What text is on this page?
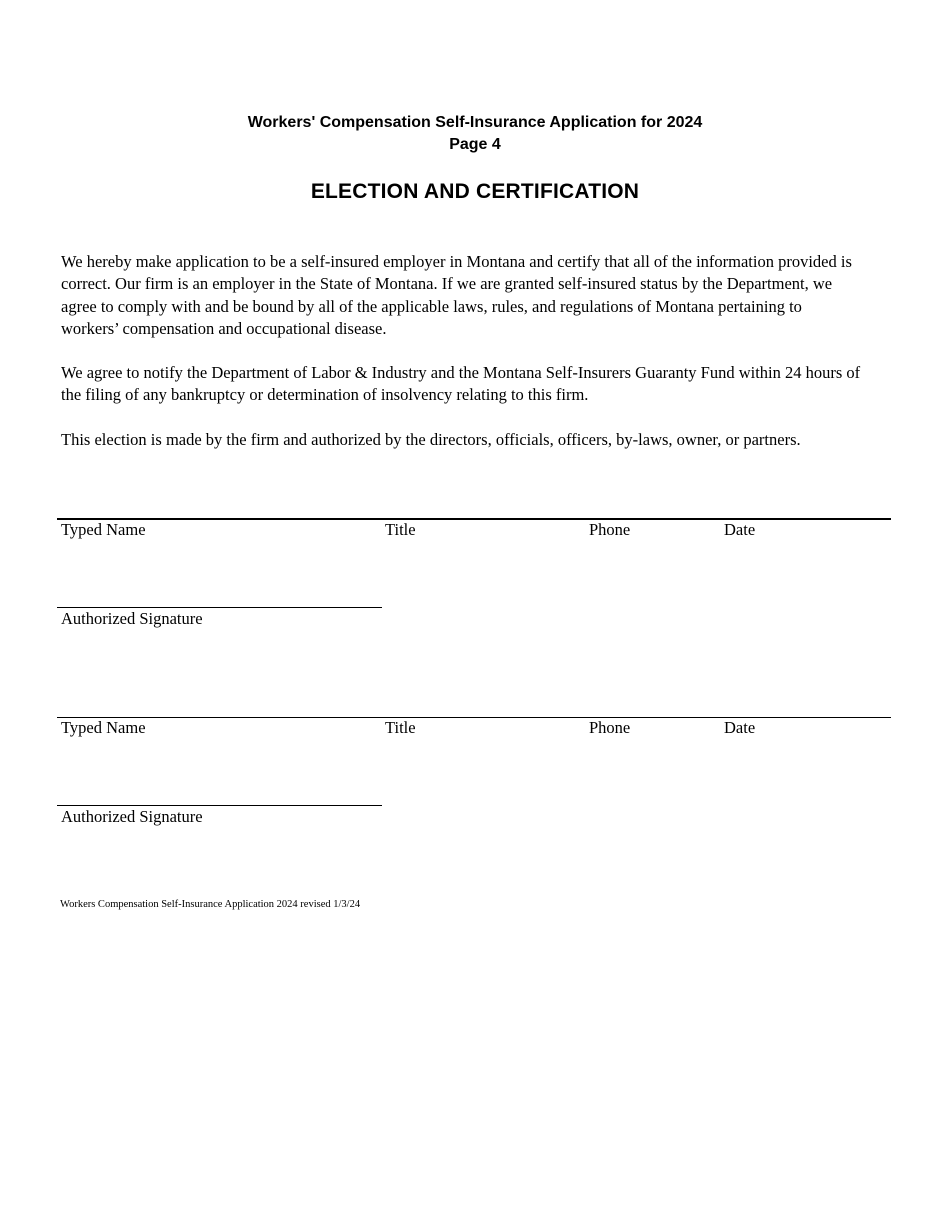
Workers' Compensation Self-Insurance Application for 2024
Page 4
ELECTION AND CERTIFICATION

We hereby make application to be a self-insured employer in Montana and certify that all of the information provided is correct. Our firm is an employer in the State of Montana. If we are granted self-insured status by the Department, we agree to comply with and be bound by all of the applicable laws, rules, and regulations of Montana pertaining to workers’ compensation and occupational disease.

We agree to notify the Department of Labor & Industry and the Montana Self-Insurers Guaranty Fund within 24 hours of the filing of any bankruptcy or determination of insolvency relating to this firm.

This election is made by the firm and authorized by the directors, officials, officers, by-laws, owner, or partners.

Typed Name	Title	Phone	Date
Authorized Signature
Typed Name	Title	Phone	Date
Authorized Signature
Workers Compensation Self-Insurance Application 2024 revised 1/3/24
